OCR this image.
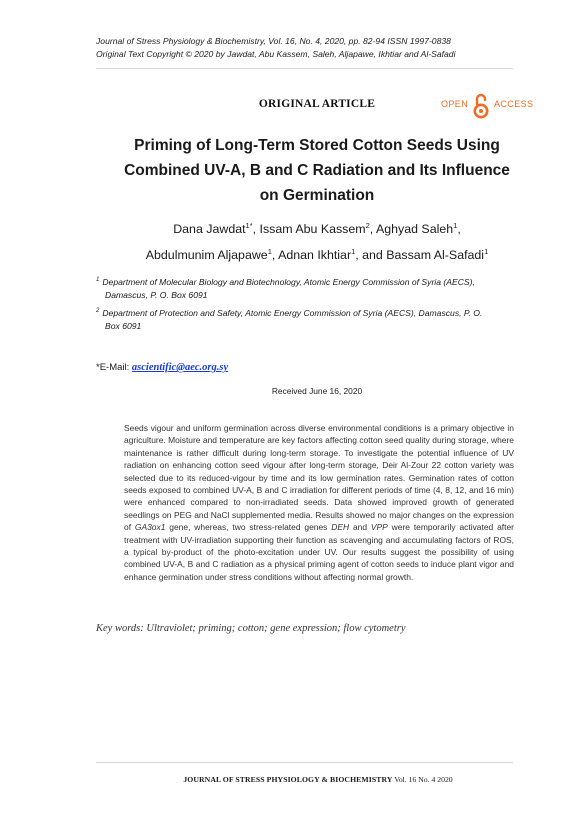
Journal of Stress Physiology & Biochemistry, Vol. 16, No. 4, 2020, pp. 82-94 ISSN 1997-0838
Original Text Copyright © 2020 by Jawdat, Abu Kassem, Saleh, Aljapawe, Ikhtiar and Al-Safadi
ORIGINAL ARTICLE	OPEN	ACCESS
Priming of Long-Term Stored Cotton Seeds Using
Combined UV-A, B and C Radiation and Its Influence
on Germination
Dana Jawdat$^{1*}$, Issam Abu Kassem$^2$, Aghyad Saleh$^1$,
Abdulmunim Aljapawe$^1$, Adnan Ikhtiar$^1$, and Bassam Al-Safadi$^1$
$^1$ Department of Molecular Biology and Biotechnology, Atomic Energy Commission of Syria (AECS),
Damascus, P. O. Box 6091
$^2$ Department of Protection and Safety, Atomic Energy Commission of Syria (AECS), Damascus, P. O.
Box 6091
*E-Mail: ascientific@aec.org.sy
Received June 16, 2020
Seeds vigour and uniform germination across diverse environmental conditions is a primary objective in agriculture. Moisture and temperature are key factors affecting cotton seed quality during storage, where maintenance is rather difficult during long-term storage. To investigate the potential influence of UV radiation on enhancing cotton seed vigour after long-term storage, Deir Al-Zour 22 cotton variety was selected due to its reduced-vigour by time and its low germination rates. Germination rates of cotton seeds exposed to combined UV-A, B and C irradiation for different periods of time (4, 8, 12, and 16 min) were enhanced compared to non-irradiated seeds. Data showed improved growth of generated seedlings on PEG and NaCl supplemented media. Results showed no major changes on the expression of GA3ox1 gene, whereas, two stress-related genes DEH and VPP were temporarily activated after treatment with UV-irradiation supporting their function as scavenging and accumulating factors of ROS, a typical by-product of the photo-excitation under UV. Our results suggest the possibility of using combined UV-A, B and C radiation as a physical priming agent of cotton seeds to induce plant vigor and enhance germination under stress conditions without affecting normal growth.
Key words: Ultraviolet; priming; cotton; gene expression; flow cytometry
JOURNAL OF STRESS PHYSIOLOGY & BIOCHEMISTRY Vol. 16 No. 4 2020
